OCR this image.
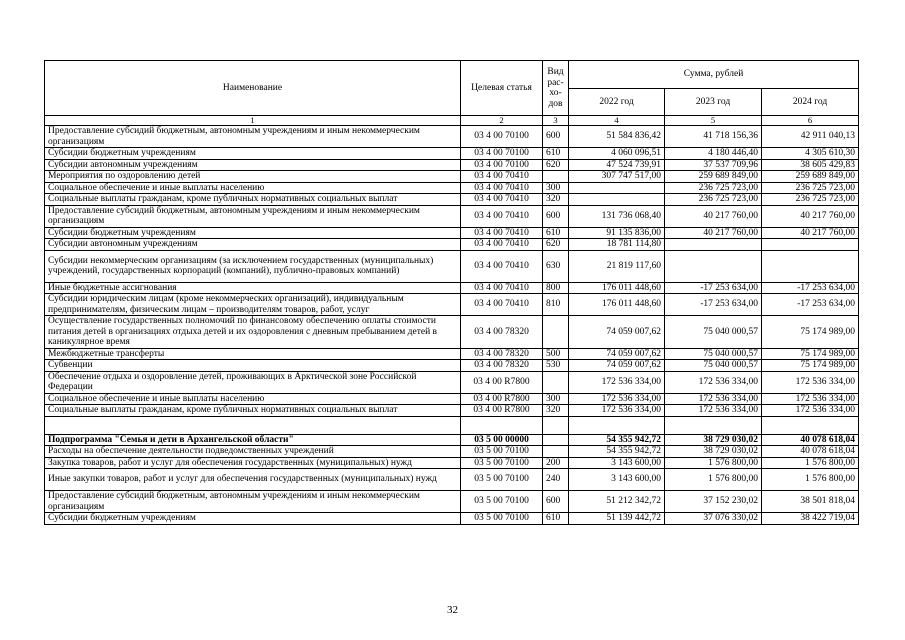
Наименование	Целевая статья	Вид рас-хо-дов	Сумма, рублей		
			2022 год	2023 год	2024 год
1	2	3	4	5	6
Предоставление субсидий бюджетным, автономным учреждениям и иным некоммерческим организациям	03 4 00 70100	600	51 584 836,42	41 718 156,36	42 911 040,13
Субсидии бюджетным учреждениям	03 4 00 70100	610	4 060 096,51	4 180 446,40	4 305 610,30
Субсидии автономным учреждениям	03 4 00 70100	620	47 524 739,91	37 537 709,96	38 605 429,83
Мероприятия по оздоровлению детей	03 4 00 70410		307 747 517,00	259 689 849,00	259 689 849,00
Социальное обеспечение и иные выплаты населению	03 4 00 70410	300		236 725 723,00	236 725 723,00
Социальные выплаты гражданам, кроме публичных нормативных социальных выплат	03 4 00 70410	320		236 725 723,00	236 725 723,00
Предоставление субсидий бюджетным, автономным учреждениям и иным некоммерческим организациям	03 4 00 70410	600	131 736 068,40	40 217 760,00	40 217 760,00
Субсидии бюджетным учреждениям	03 4 00 70410	610	91 135 836,00	40 217 760,00	40 217 760,00
Субсидии автономным учреждениям	03 4 00 70410	620	18 781 114,80		
Субсидии некоммерческим организациям (за исключением государственных (муниципальных) учреждений, государственных корпораций (компаний), публично-правовых компаний)	03 4 00 70410	630	21 819 117,60		
Иные бюджетные ассигнования	03 4 00 70410	800	176 011 448,60	-17 253 634,00	-17 253 634,00
Субсидии юридическим лицам (кроме некоммерческих организаций), индивидуальным предпринимателям, физическим лицам – производителям товаров, работ, услуг	03 4 00 70410	810	176 011 448,60	-17 253 634,00	-17 253 634,00
Осуществление государственных полномочий по финансовому обеспечению оплаты стоимости питания детей в организациях отдыха детей и их оздоровления с дневным пребыванием детей в каникулярное время	03 4 00 78320		74 059 007,62	75 040 000,57	75 174 989,00
Межбюджетные трансферты	03 4 00 78320	500	74 059 007,62	75 040 000,57	75 174 989,00
Субвенции	03 4 00 78320	530	74 059 007,62	75 040 000,57	75 174 989,00
Обеспечение отдыха и оздоровление детей, проживающих в Арктической зоне Российской Федерации	03 4 00 R7800		172 536 334,00	172 536 334,00	172 536 334,00
Социальное обеспечение и иные выплаты населению	03 4 00 R7800	300	172 536 334,00	172 536 334,00	172 536 334,00
Социальные выплаты гражданам, кроме публичных нормативных социальных выплат	03 4 00 R7800	320	172 536 334,00	172 536 334,00	172 536 334,00

Подпрограмма "Семья и дети в Архангельской области"	03 5 00 00000		54 355 942,72	38 729 030,02	40 078 618,04
Расходы на обеспечение деятельности подведомственных учреждений	03 5 00 70100		54 355 942,72	38 729 030,02	40 078 618,04
Закупка товаров, работ и услуг для обеспечения государственных (муниципальных) нужд	03 5 00 70100	200	3 143 600,00	1 576 800,00	1 576 800,00
Иные закупки товаров, работ и услуг для обеспечения государственных (муниципальных) нужд	03 5 00 70100	240	3 143 600,00	1 576 800,00	1 576 800,00
Предоставление субсидий бюджетным, автономным учреждениям и иным некоммерческим организациям	03 5 00 70100	600	51 212 342,72	37 152 230,02	38 501 818,04
Субсидии бюджетным учреждениям	03 5 00 70100	610	51 139 442,72	37 076 330,02	38 422 719,04
32
